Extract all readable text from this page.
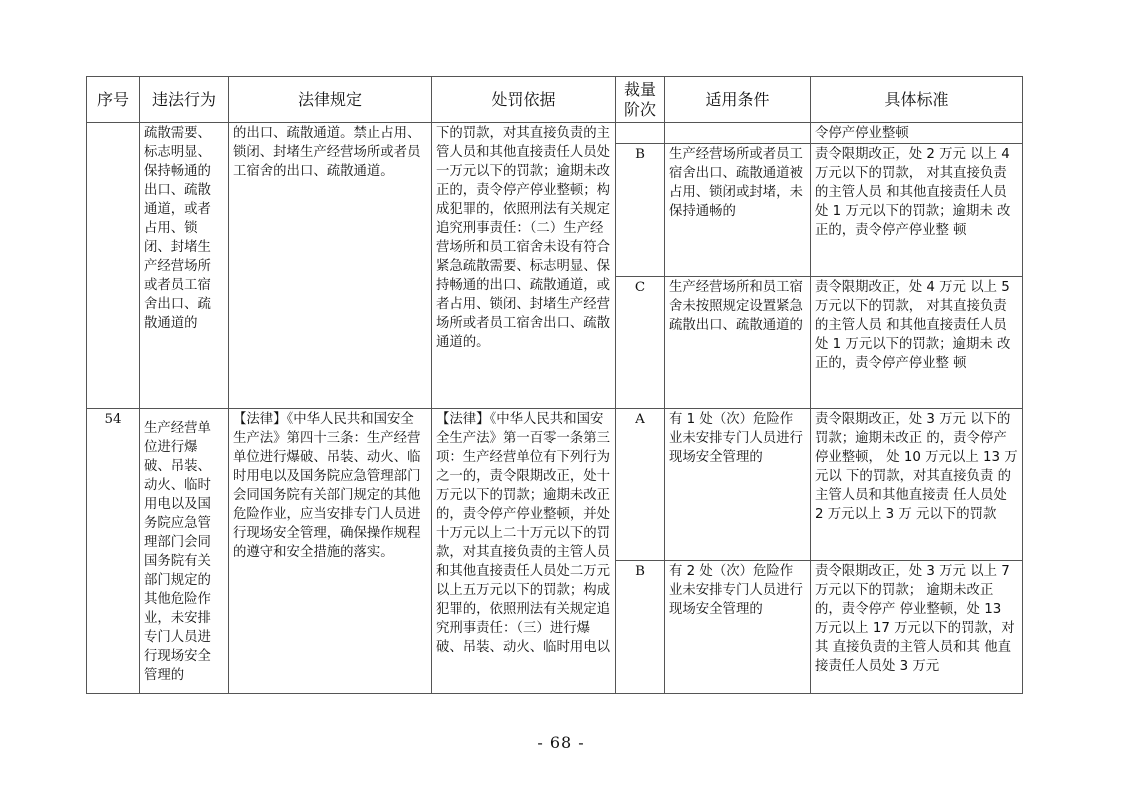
序号	违法行为	法律规定	处罚依据	裁量阶次	适用条件	具体标准
	疏散需要、标志明显、保持畅通的出口、疏散通道，或者占用、锁闭、封堵生产经营场所或者员工宿舍出口、疏散通道的	的出口、疏散通道。禁止占用、锁闭、封堵生产经营场所或者员工宿舍的出口、疏散通道。	下的罚款，对其直接负责的主管人员和其他直接责任人员处一万元以下的罚款；逾期未改正的，责令停产停业整顿；构成犯罪的，依照刑法有关规定追究刑事责任：（二）生产经营场所和员工宿舍未设有符合紧急疏散需要、标志明显、保持畅通的出口、疏散通道，或者占用、锁闭、封堵生产经营场所或者员工宿舍出口、疏散通道的。			令停产停业整顿
				B	生产经营场所或者员工宿舍出口、疏散通道被占用、锁闭或封堵，未保持通畅的	责令限期改正，处 2 万元 以上 4 万元以下的罚款， 对其直接负责的主管人员 和其他直接责任人员处 1 万元以下的罚款；逾期未 改正的，责令停产停业整 顿
				C	生产经营场所和员工宿舍未按照规定设置紧急疏散出口、疏散通道的	责令限期改正，处 4 万元 以上 5 万元以下的罚款， 对其直接负责的主管人员 和其他直接责任人员处 1 万元以下的罚款；逾期未 改正的，责令停产停业整 顿
54	生产经营单位进行爆破、吊装、动火、临时用电以及国务院应急管理部门会同国务院有关部门规定的其他危险作业，未安排专门人员进行现场安全管理的	【法律】《中华人民共和国安全生产法》第四十三条：生产经营单位进行爆破、吊装、动火、临时用电以及国务院应急管理部门会同国务院有关部门规定的其他危险作业，应当安排专门人员进行现场安全管理，确保操作规程的遵守和安全措施的落实。	【法律】《中华人民共和国安全生产法》第一百零一条第三项：生产经营单位有下列行为之一的，责令限期改正，处十万元以下的罚款；逾期未改正的，责令停产停业整顿，并处十万元以上二十万元以下的罚款，对其直接负责的主管人员和其他直接责任人员处二万元以上五万元以下的罚款；构成犯罪的，依照刑法有关规定追究刑事责任：（三）进行爆破、吊装、动火、临时用电以	A	有 1 处（次）危险作业未安排专门人员进行现场安全管理的	责令限期改正，处 3 万元 以下的罚款；逾期未改正 的，责令停产停业整顿， 处 10 万元以上 13 万元以 下的罚款，对其直接负责 的主管人员和其他直接责 任人员处 2 万元以上 3 万 元以下的罚款
				B	有 2 处（次）危险作业未安排专门人员进行现场安全管理的	责令限期改正，处 3 万元 以上 7 万元以下的罚款； 逾期未改正的，责令停产 停业整顿，处 13 万元以上 17 万元以下的罚款，对其 直接负责的主管人员和其 他直接责任人员处 3 万元
- 68 -
